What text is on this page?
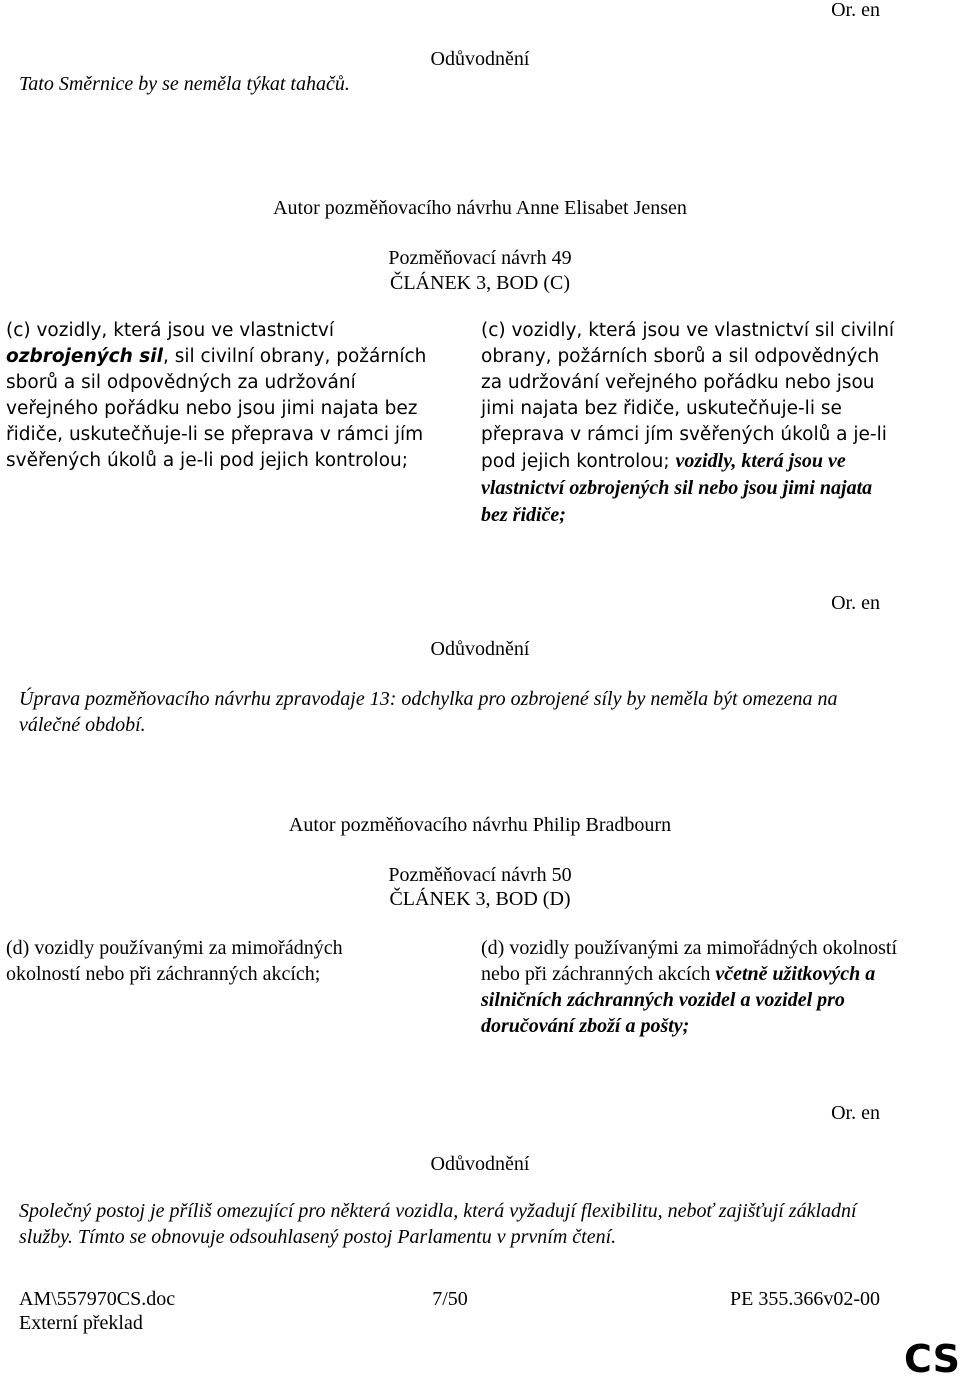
Or. en
Odůvodnění
Tato Směrnice by se neměla týkat tahačů.
Autor pozměňovacího návrhu Anne Elisabet Jensen
Pozměňovací návrh 49
ČLÁNEK 3, BOD (C)
(c) vozidly, která jsou ve vlastnictví ozbrojených sil, sil civilní obrany, požárních sborů a sil odpovědných za udržování veřejného pořádku nebo jsou jimi najata bez řidiče, uskutečňuje-li se přeprava v rámci jím svěřených úkolů a je-li pod jejich kontrolou;
(c) vozidly, která jsou ve vlastnictví sil civilní obrany, požárních sborů a sil odpovědných za udržování veřejného pořádku nebo jsou jimi najata bez řidiče, uskutečňuje-li se přeprava v rámci jím svěřených úkolů a je-li pod jejich kontrolou; vozidly, která jsou ve vlastnictví ozbrojených sil nebo jsou jimi najata bez řidiče;
Or. en
Odůvodnění
Úprava pozměňovacího návrhu zpravodaje 13: odchylka pro ozbrojené síly by neměla být omezena na válečné období.
Autor pozměňovacího návrhu Philip Bradbourn
Pozměňovací návrh 50
ČLÁNEK 3, BOD (D)
(d) vozidly používanými za mimořádných okolností nebo při záchranných akcích;
(d) vozidly používanými za mimořádných okolností nebo při záchranných akcích včetně užitkových a silničních záchranných vozidel a vozidel pro doručování zboží a pošty;
Or. en
Odůvodnění
Společný postoj je příliš omezující pro některá vozidla, která vyžadují flexibilitu, neboť zajišťují základní služby. Tímto se obnovuje odsouhlasený postoj Parlamentu v prvním čtení.
AM\557970CS.doc	7/50	PE 355.366v02-00
Externí překlad
CS
